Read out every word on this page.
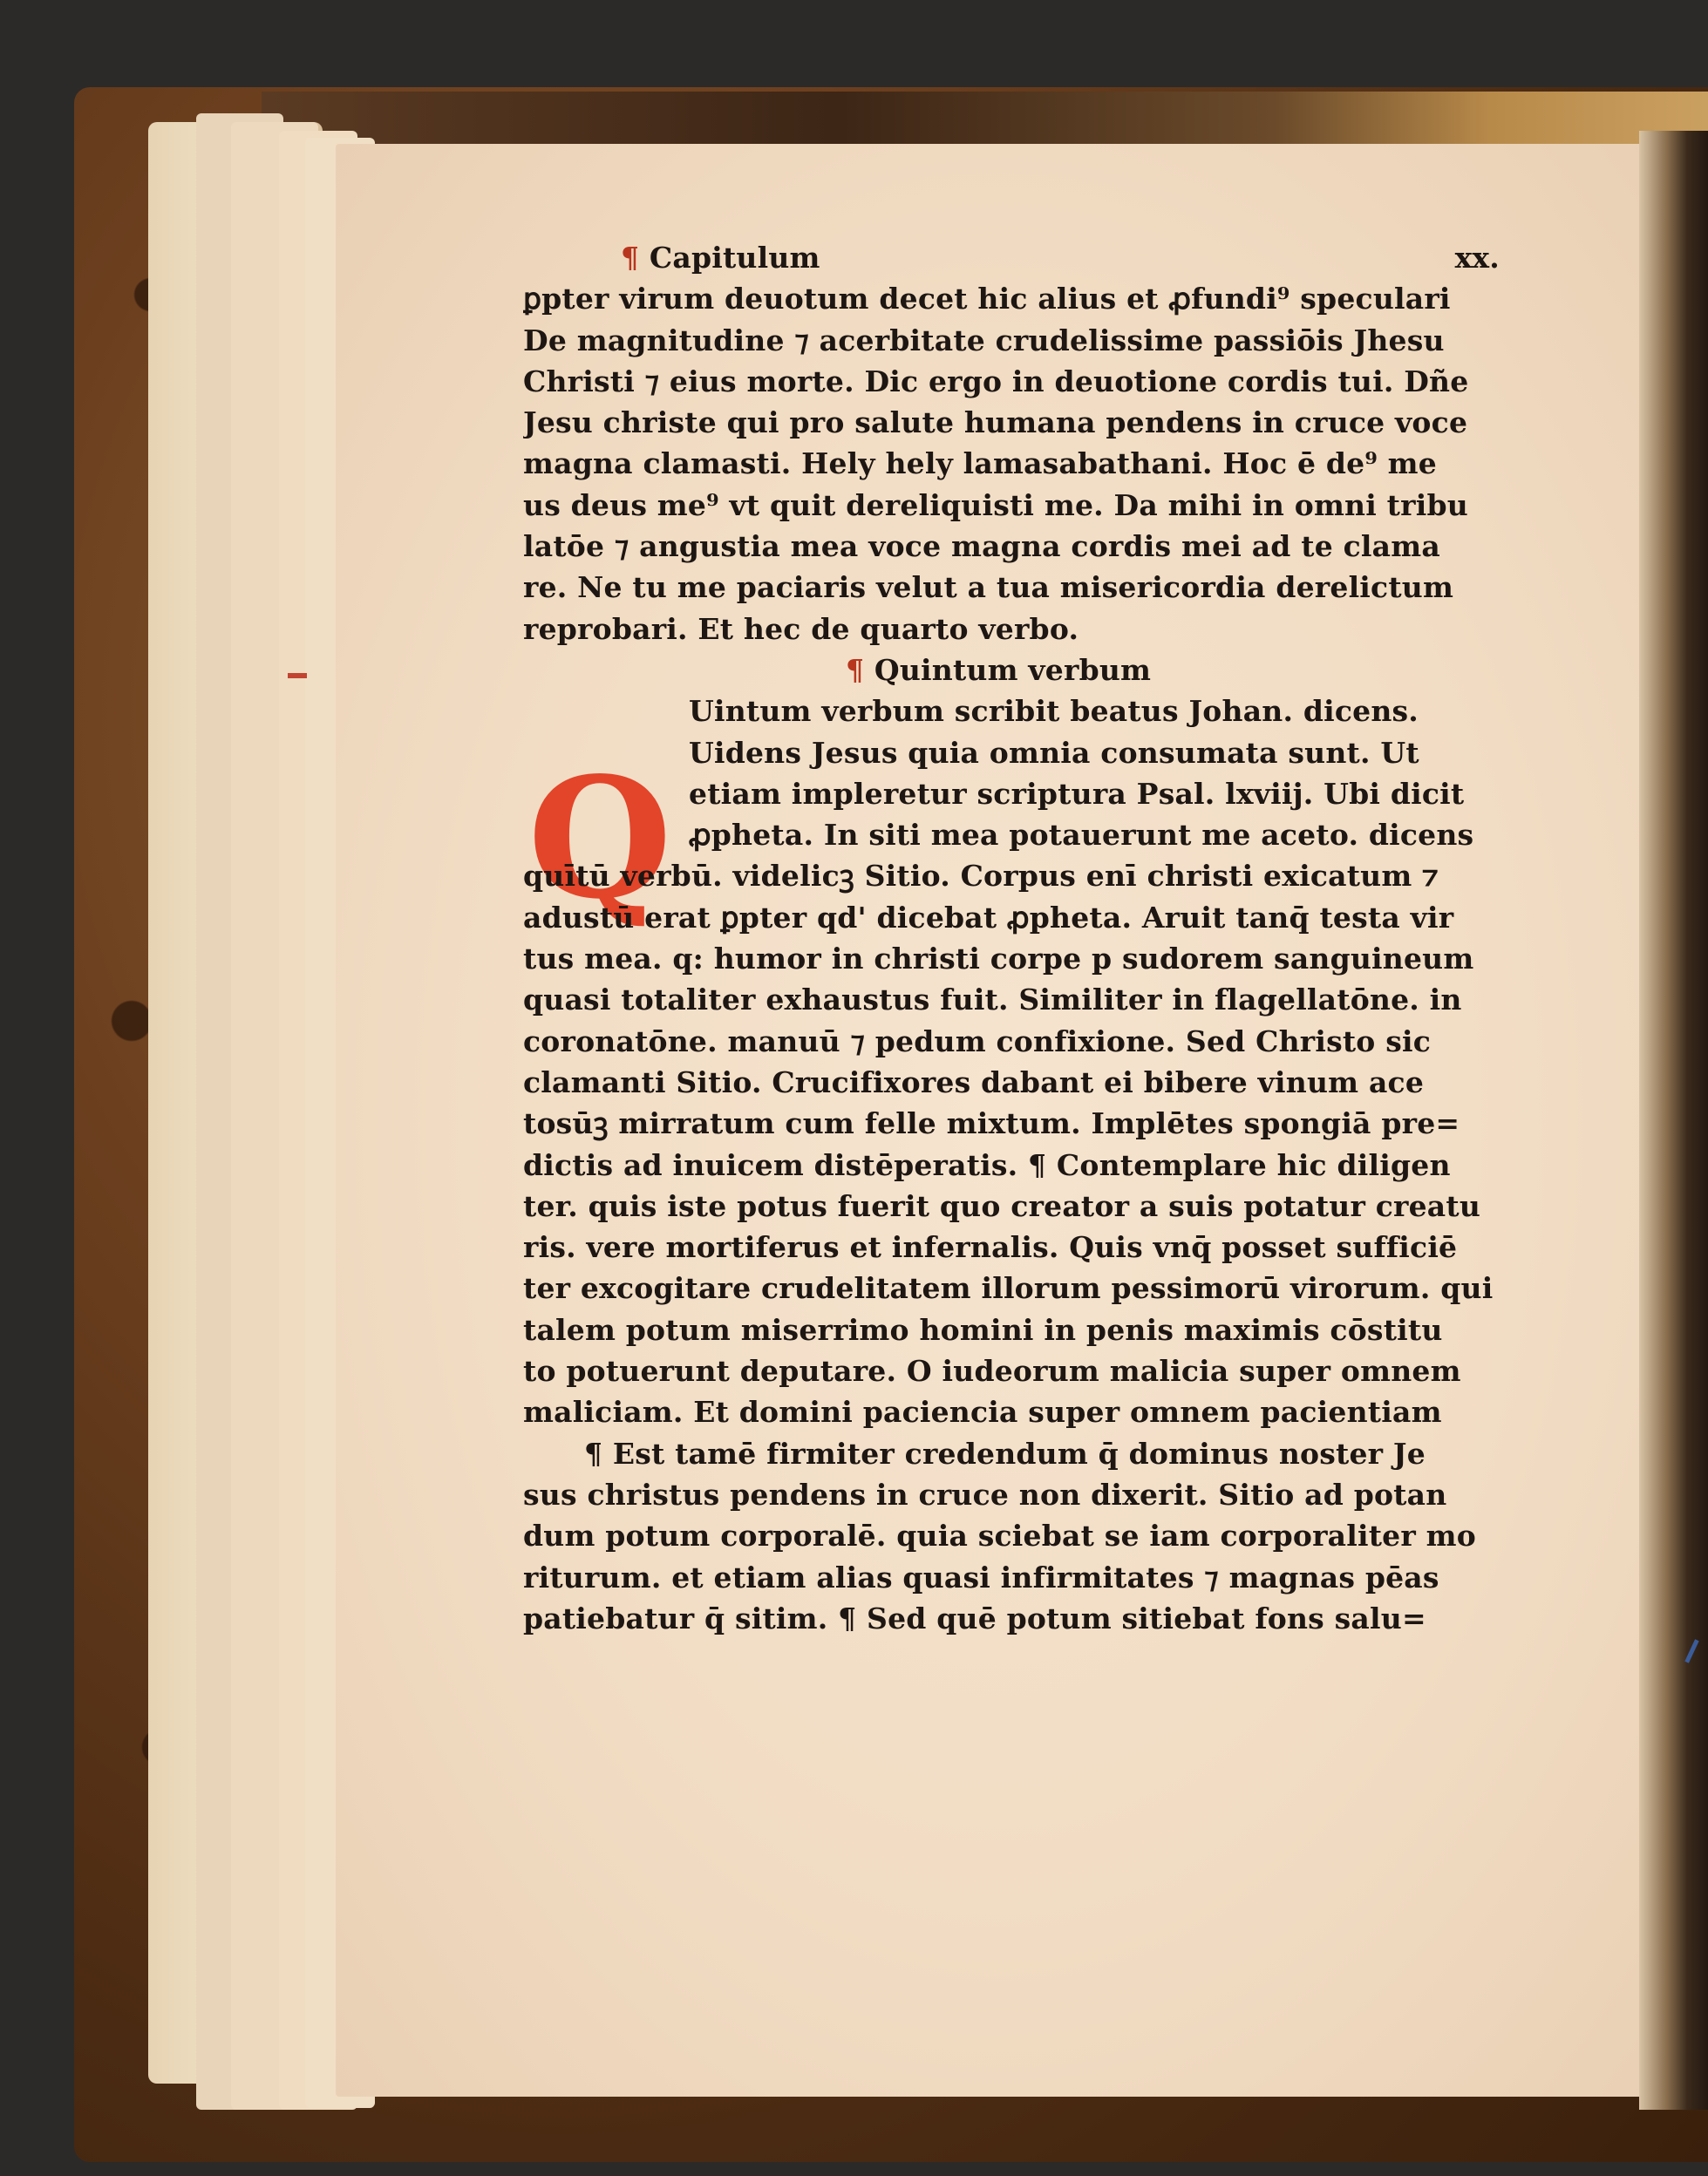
Q
¶ Capitulum	xx.
ꝑpter virum deuotum decet hic alius et ꝓfundi⁹ speculari
De magnitudine ⁊ acerbitate crudelissime passiōis Jhesu
Christi ⁊ eius morte. Dic ergo in deuotione cordis tui. Dñe
Jesu christe qui pro salute humana pendens in cruce voce
magna clamasti. Hely hely lamasabathani. Hoc ē de⁹ me
us deus me⁹ vt quit dereliquisti me. Da mihi in omni tribu
latōe ⁊ angustia mea voce magna cordis mei ad te clama
re. Ne tu me paciaris velut a tua misericordia derelictum
reprobari. Et hec de quarto verbo.
¶ Quintum verbum
Uintum verbum scribit beatus Johan. dicens.
Uidens Jesus quia omnia consumata sunt. Ut
etiam impleretur scriptura Psal. lxviij. Ubi dicit
ꝓpheta. In siti mea potauerunt me aceto. dicens
quītū verbū. videlicꝫ Sitio. Corpus enī christi exicatum ⁊
adustū erat ꝑpter qd' dicebat ꝓpheta. Aruit tanq̄ testa vir
tus mea. q: humor in christi corpe p sudorem sanguineum
quasi totaliter exhaustus fuit. Similiter in flagellatōne. in
coronatōne. manuū ⁊ pedum confixione. Sed Christo sic
clamanti Sitio. Crucifixores dabant ei bibere vinum ace
tosūꝫ mirratum cum felle mixtum. Implētes spongiā pre=
dictis ad inuicem distēperatis. ¶ Contemplare hic diligen
ter. quis iste potus fuerit quo creator a suis potatur creatu
ris. vere mortiferus et infernalis. Quis vnq̄ posset sufficiē
ter excogitare crudelitatem illorum pessimorū virorum. qui
talem potum miserrimo homini in penis maximis cōstitu
to potuerunt deputare. O iudeorum malicia super omnem
maliciam. Et domini paciencia super omnem pacientiam
¶ Est tamē firmiter credendum q̄ dominus noster Je
sus christus pendens in cruce non dixerit. Sitio ad potan
dum potum corporalē. quia sciebat se iam corporaliter mo
riturum. et etiam alias quasi infirmitates ⁊ magnas pēas
patiebatur q̄ sitim. ¶ Sed quē potum sitiebat fons salu=
